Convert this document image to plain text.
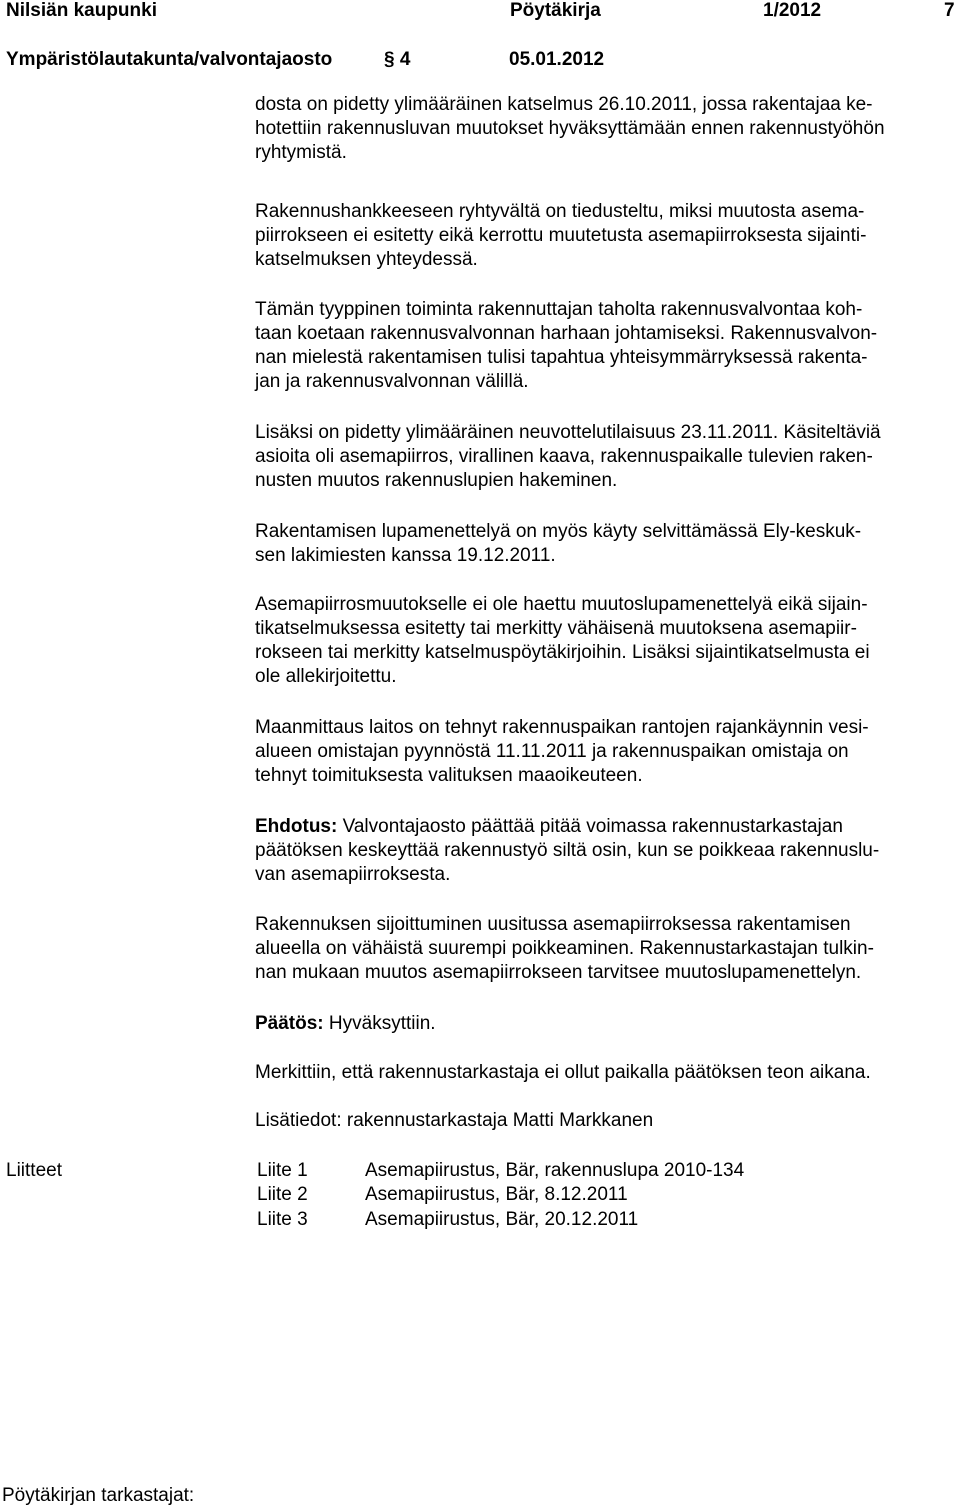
Nilsiän kaupunki	Pöytäkirja	1/2012	7
Ympäristölautakunta/valvontajaosto	§ 4	05.01.2012
dosta on pidetty ylimääräinen katselmus 26.10.2011, jossa rakentajaa ke-
hotettiin rakennusluvan muutokset hyväksyttämään ennen rakennustyöhön
ryhtymistä.
Rakennushankkeeseen ryhtyvältä on tiedusteltu, miksi muutosta asema-
piirrokseen ei esitetty eikä kerrottu muutetusta asemapiirroksesta sijainti-
katselmuksen yhteydessä.
Tämän tyyppinen toiminta rakennuttajan taholta rakennusvalvontaa koh-
taan koetaan rakennusvalvonnan harhaan johtamiseksi. Rakennusvalvon-
nan mielestä rakentamisen tulisi tapahtua yhteisymmärryksessä rakenta-
jan ja rakennusvalvonnan välillä.
Lisäksi on pidetty ylimääräinen neuvottelutilaisuus 23.11.2011. Käsiteltäviä
asioita oli asemapiirros, virallinen kaava, rakennuspaikalle tulevien raken-
nusten muutos rakennuslupien hakeminen.
Rakentamisen lupamenettelyä on myös käyty selvittämässä Ely-keskuk-
sen lakimiesten kanssa 19.12.2011.
Asemapiirrosmuutokselle ei ole haettu muutoslupamenettelyä eikä sijain-
tikatselmuksessa esitetty tai merkitty vähäisenä muutoksena asemapiir-
rokseen tai merkitty katselmuspöytäkirjoihin. Lisäksi sijaintikatselmusta ei
ole allekirjoitettu.
Maanmittaus laitos on tehnyt rakennuspaikan rantojen rajankäynnin vesi-
alueen omistajan pyynnöstä 11.11.2011 ja rakennuspaikan omistaja on
tehnyt toimituksesta valituksen maaoikeuteen.
Ehdotus: Valvontajaosto päättää pitää voimassa rakennustarkastajan
päätöksen keskeyttää rakennustyö siltä osin, kun se poikkeaa rakennuslu-
van asemapiirroksesta.
Rakennuksen sijoittuminen uusitussa asemapiirroksessa rakentamisen
alueella on vähäistä suurempi poikkeaminen. Rakennustarkastajan tulkin-
nan mukaan muutos asemapiirrokseen tarvitsee muutoslupamenettelyn.
Päätös: Hyväksyttiin.
Merkittiin, että rakennustarkastaja ei ollut paikalla päätöksen teon aikana.
Lisätiedot: rakennustarkastaja Matti Markkanen
Liitteet	Liite 1	Asemapiirustus, Bär, rakennuslupa 2010-134
Liite 2	Asemapiirustus, Bär, 8.12.2011
Liite 3	Asemapiirustus, Bär, 20.12.2011
Pöytäkirjan tarkastajat:
